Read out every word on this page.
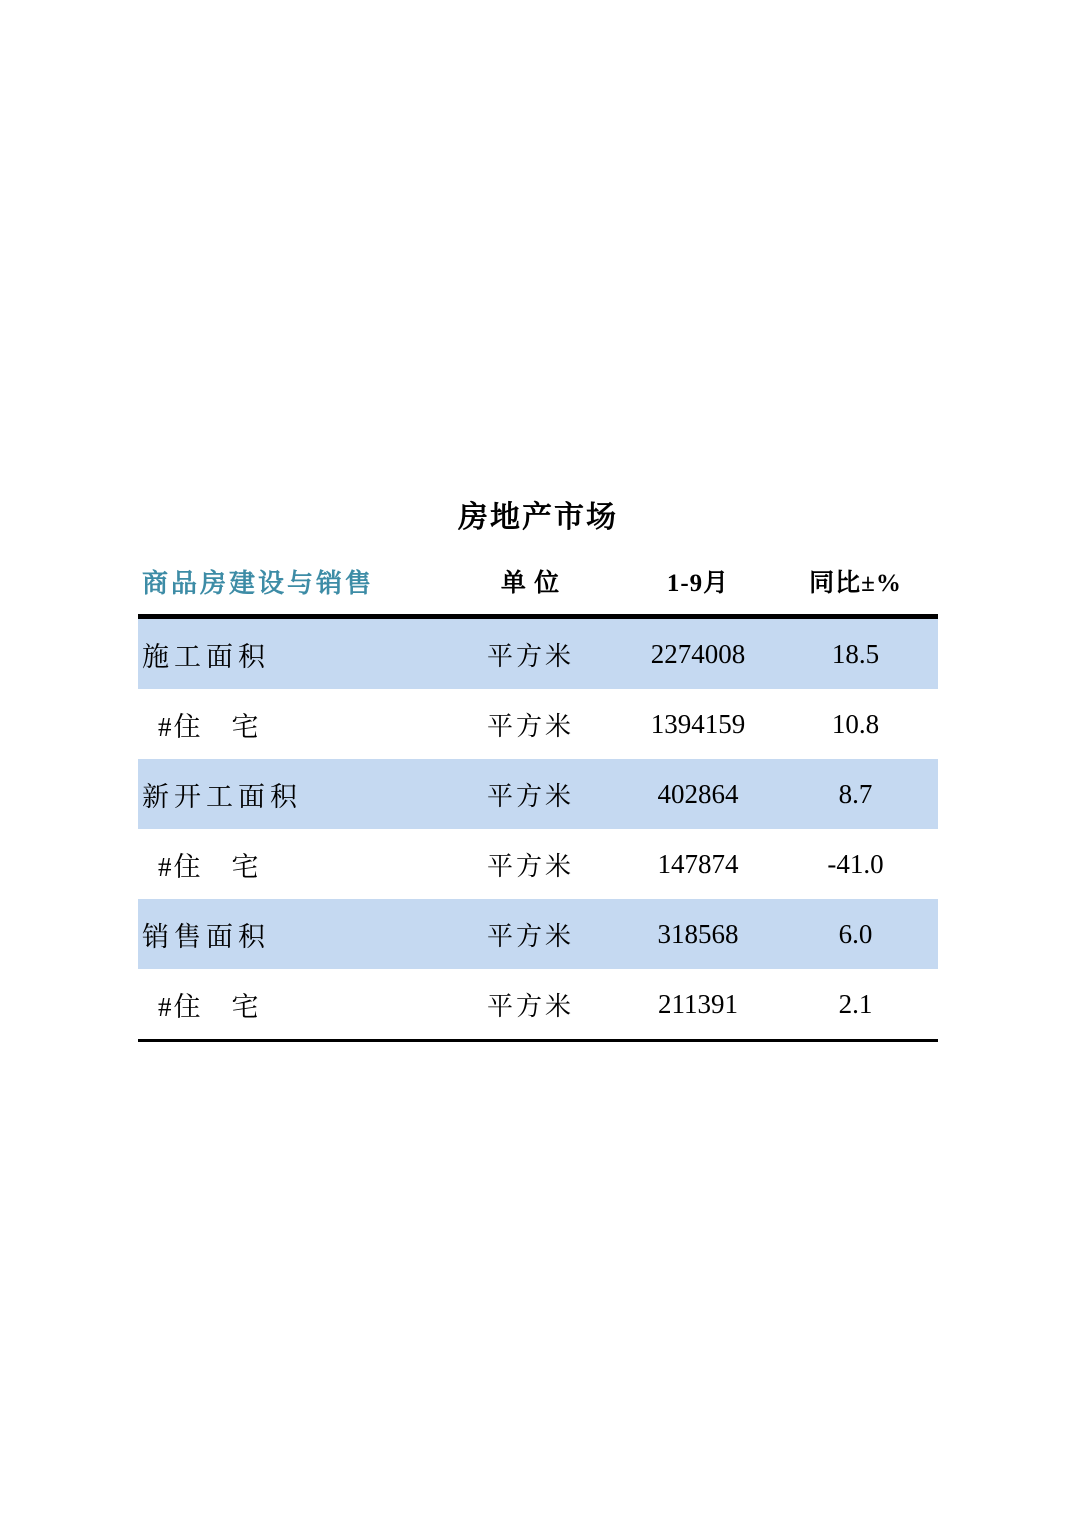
房地产市场
商品房建设与销售	单 位	1-9月	同比±%
施工面积	平方米	2274008	18.5
#住　宅	平方米	1394159	10.8
新开工面积	平方米	402864	8.7
#住　宅	平方米	147874	-41.0
销售面积	平方米	318568	6.0
#住　宅	平方米	211391	2.1
